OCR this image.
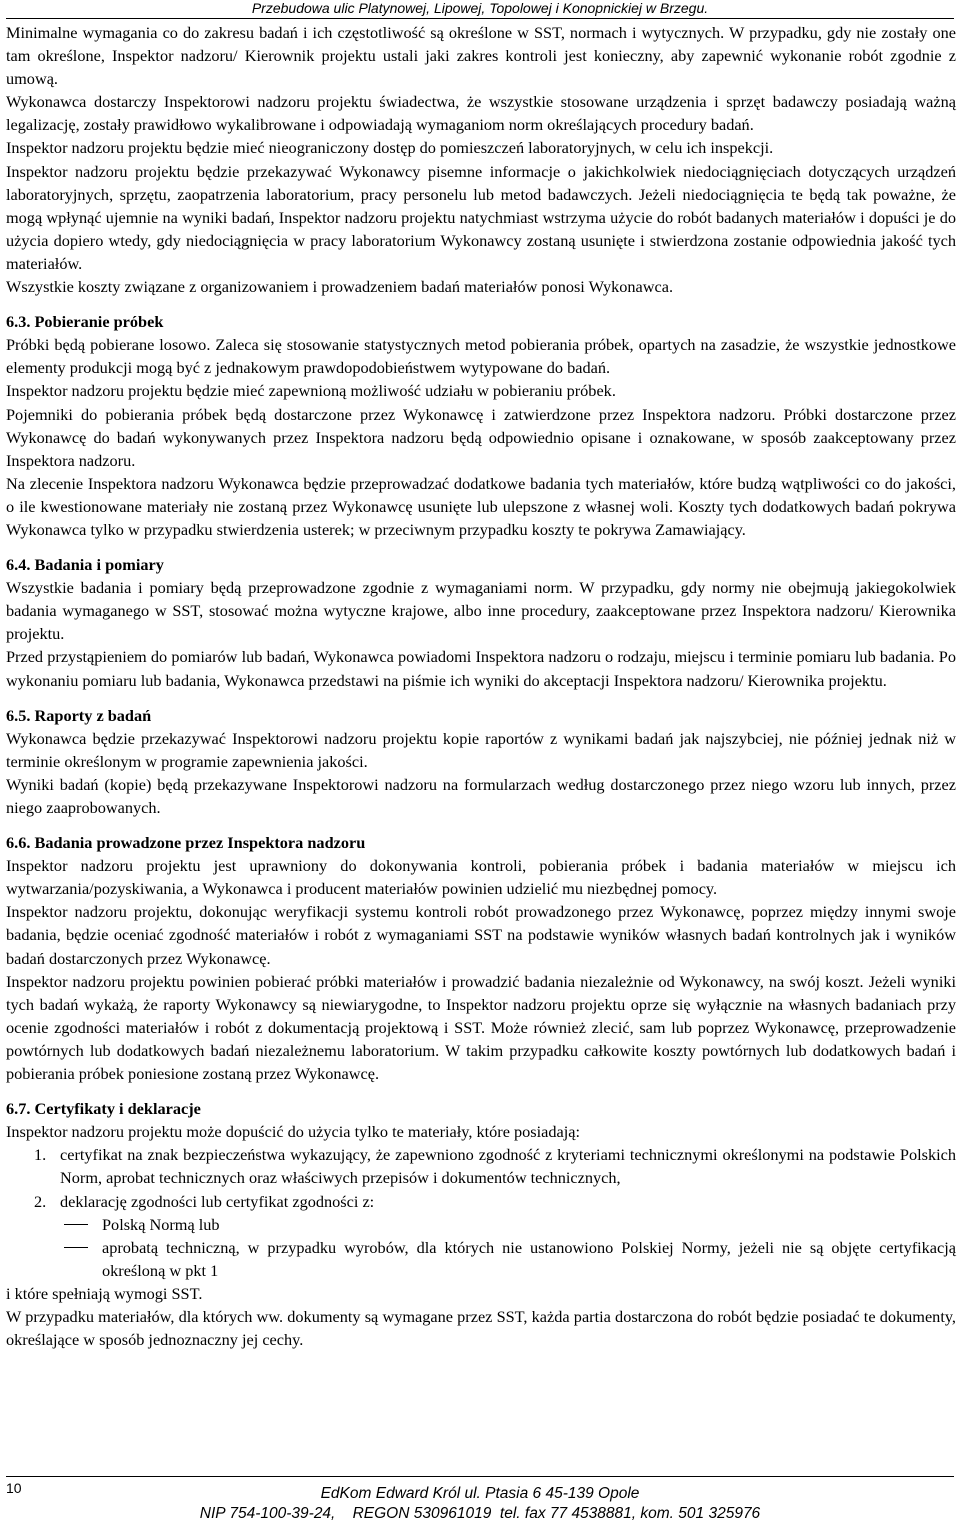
Przebudowa ulic Platynowej, Lipowej, Topolowej i Konopnickiej w Brzegu.

Minimalne wymagania co do zakresu badań i ich częstotliwość są określone w SST, normach i wytycznych. W przypadku, gdy nie zostały one tam określone, Inspektor nadzoru/ Kierownik projektu ustali jaki zakres kontroli jest konieczny, aby zapewnić wykonanie robót zgodnie z umową.

Wykonawca dostarczy Inspektorowi nadzoru projektu świadectwa, że wszystkie stosowane urządzenia i sprzęt badawczy posiadają ważną legalizację, zostały prawidłowo wykalibrowane i odpowiadają wymaganiom norm określających procedury badań.

Inspektor nadzoru projektu będzie mieć nieograniczony dostęp do pomieszczeń laboratoryjnych, w celu ich inspekcji.

Inspektor nadzoru projektu będzie przekazywać Wykonawcy pisemne informacje o jakichkolwiek niedociągnięciach dotyczących urządzeń laboratoryjnych, sprzętu, zaopatrzenia laboratorium, pracy personelu lub metod badawczych. Jeżeli niedociągnięcia te będą tak poważne, że mogą wpłynąć ujemnie na wyniki badań, Inspektor nadzoru projektu natychmiast wstrzyma użycie do robót badanych materiałów i dopuści je do użycia dopiero wtedy, gdy niedociągnięcia w pracy laboratorium Wykonawcy zostaną usunięte i stwierdzona zostanie odpowiednia jakość tych materiałów.

Wszystkie koszty związane z organizowaniem i prowadzeniem badań materiałów ponosi Wykonawca.

6.3. Pobieranie próbek

Próbki będą pobierane losowo. Zaleca się stosowanie statystycznych metod pobierania próbek, opartych na zasadzie, że wszystkie jednostkowe elementy produkcji mogą być z jednakowym prawdopodobieństwem wytypowane do badań.

Inspektor nadzoru projektu będzie mieć zapewnioną możliwość udziału w pobieraniu próbek.

Pojemniki do pobierania próbek będą dostarczone przez Wykonawcę i zatwierdzone przez Inspektora nadzoru. Próbki dostarczone przez Wykonawcę do badań wykonywanych przez Inspektora nadzoru będą odpowiednio opisane i oznakowane, w sposób zaakceptowany przez Inspektora nadzoru.

Na zlecenie Inspektora nadzoru Wykonawca będzie przeprowadzać dodatkowe badania tych materiałów, które budzą wątpliwości co do jakości, o ile kwestionowane materiały nie zostaną przez Wykonawcę usunięte lub ulepszone z własnej woli. Koszty tych dodatkowych badań pokrywa Wykonawca tylko w przypadku stwierdzenia usterek; w przeciwnym przypadku koszty te pokrywa Zamawiający.

6.4. Badania i pomiary

Wszystkie badania i pomiary będą przeprowadzone zgodnie z wymaganiami norm. W przypadku, gdy normy nie obejmują jakiegokolwiek badania wymaganego w SST, stosować można wytyczne krajowe, albo inne procedury, zaakceptowane przez Inspektora nadzoru/ Kierownika projektu.

Przed przystąpieniem do pomiarów lub badań, Wykonawca powiadomi Inspektora nadzoru o rodzaju, miejscu i terminie pomiaru lub badania. Po wykonaniu pomiaru lub badania, Wykonawca przedstawi na piśmie ich wyniki do akceptacji Inspektora nadzoru/ Kierownika projektu.

6.5. Raporty z badań

Wykonawca będzie przekazywać Inspektorowi nadzoru projektu kopie raportów z wynikami badań jak najszybciej, nie później jednak niż w terminie określonym w programie zapewnienia jakości.

Wyniki badań (kopie) będą przekazywane Inspektorowi nadzoru na formularzach według dostarczonego przez niego wzoru lub innych, przez niego zaaprobowanych.

6.6. Badania prowadzone przez Inspektora nadzoru

Inspektor nadzoru projektu jest uprawniony do dokonywania kontroli, pobierania próbek i badania materiałów w miejscu ich wytwarzania/pozyskiwania, a Wykonawca i producent materiałów powinien udzielić mu niezbędnej pomocy.

Inspektor nadzoru projektu, dokonując weryfikacji systemu kontroli robót prowadzonego przez Wykonawcę, poprzez między innymi swoje badania, będzie oceniać zgodność materiałów i robót z wymaganiami SST na podstawie wyników własnych badań kontrolnych jak i wyników badań dostarczonych przez Wykonawcę.

Inspektor nadzoru projektu powinien pobierać próbki materiałów i prowadzić badania niezależnie od Wykonawcy, na swój koszt. Jeżeli wyniki tych badań wykażą, że raporty Wykonawcy są niewiarygodne, to Inspektor nadzoru projektu oprze się wyłącznie na własnych badaniach przy ocenie zgodności materiałów i robót z dokumentacją projektową i SST. Może również zlecić, sam lub poprzez Wykonawcę, przeprowadzenie powtórnych lub dodatkowych badań niezależnemu laboratorium. W takim przypadku całkowite koszty powtórnych lub dodatkowych badań i pobierania próbek poniesione zostaną przez Wykonawcę.

6.7. Certyfikaty i deklaracje

Inspektor nadzoru projektu może dopuścić do użycia tylko te materiały, które posiadają:

1. certyfikat na znak bezpieczeństwa wykazujący, że zapewniono zgodność z kryteriami technicznymi określonymi na podstawie Polskich Norm, aprobat technicznych oraz właściwych przepisów i dokumentów technicznych,
2. deklarację zgodności lub certyfikat zgodności z:
Polską Normą lub
aprobatą techniczną, w przypadku wyrobów, dla których nie ustanowiono Polskiej Normy, jeżeli nie są objęte certyfikacją określoną w pkt 1

i które spełniają wymogi SST.

W przypadku materiałów, dla których ww. dokumenty są wymagane przez SST, każda partia dostarczona do robót będzie posiadać te dokumenty, określające w sposób jednoznaczny jej cechy.

10	EdKom Edward Król ul. Ptasia 6 45-139 Opole
NIP 754-100-39-24,    REGON 530961019  tel. fax 77 4538881, kom. 501 325976
